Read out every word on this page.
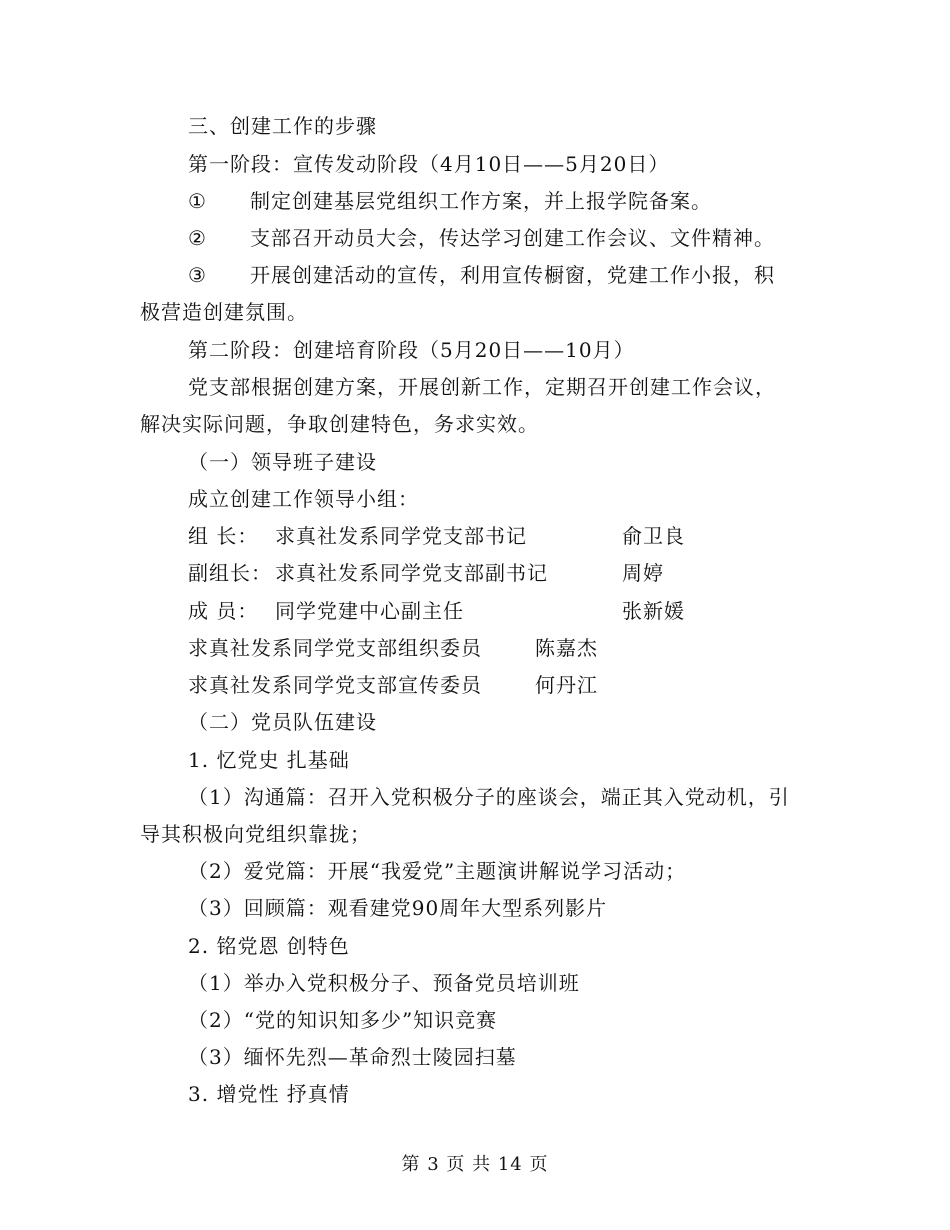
三、创建工作的步骤
第一阶段：宣传发动阶段（4月10日——5月20日）
① 制定创建基层党组织工作方案，并上报学院备案。
② 支部召开动员大会，传达学习创建工作会议、文件精神。
③ 开展创建活动的宣传，利用宣传橱窗，党建工作小报，积
极营造创建氛围。
第二阶段：创建培育阶段（5月20日——10月）
党支部根据创建方案，开展创新工作，定期召开创建工作会议，
解决实际问题，争取创建特色，务求实效。
（一）领导班子建设
成立创建工作领导小组：
组 长： 求真社发系同学党支部书记	俞卫良
副组长： 求真社发系同学党支部副书记	周婷
成 员： 同学党建中心副主任	张新媛
求真社发系同学党支部组织委员	陈嘉杰
求真社发系同学党支部宣传委员	何丹江
（二）党员队伍建设
1. 忆党史 扎基础
（1）沟通篇：召开入党积极分子的座谈会，端正其入党动机，引
导其积极向党组织靠拢；
（2）爱党篇：开展“我爱党”主题演讲解说学习活动；
（3）回顾篇：观看建党90周年大型系列影片
2. 铭党恩 创特色
（1）举办入党积极分子、预备党员培训班
（2）“党的知识知多少”知识竞赛
（3）缅怀先烈—革命烈士陵园扫墓
3. 增党性 抒真情
第 3 页 共 14 页
